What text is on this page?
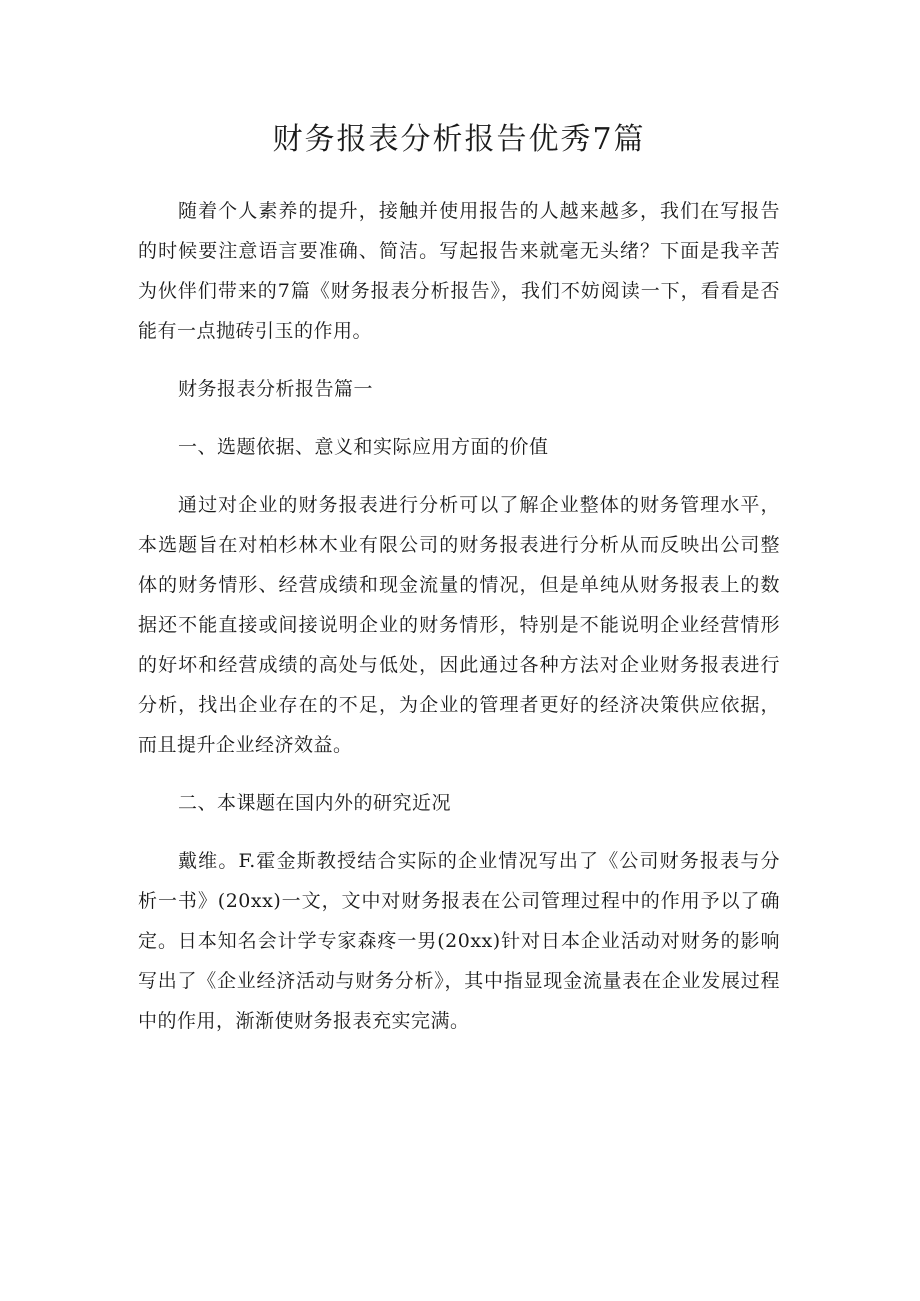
财务报表分析报告优秀7篇

随着个人素养的提升，接触并使用报告的人越来越多，我们在写报告的时候要注意语言要准确、简洁。写起报告来就毫无头绪？下面是我辛苦为伙伴们带来的7篇《财务报表分析报告》，我们不妨阅读一下，看看是否能有一点抛砖引玉的作用。

财务报表分析报告篇一

一、选题依据、意义和实际应用方面的价值

通过对企业的财务报表进行分析可以了解企业整体的财务管理水平，本选题旨在对柏杉林木业有限公司的财务报表进行分析从而反映出公司整体的财务情形、经营成绩和现金流量的情况，但是单纯从财务报表上的数据还不能直接或间接说明企业的财务情形，特别是不能说明企业经营情形的好坏和经营成绩的高处与低处，因此通过各种方法对企业财务报表进行分析，找出企业存在的不足，为企业的管理者更好的经济决策供应依据，而且提升企业经济效益。

二、本课题在国内外的研究近况

戴维。F.霍金斯教授结合实际的企业情况写出了《公司财务报表与分析一书》(20xx)一文，文中对财务报表在公司管理过程中的作用予以了确定。日本知名会计学专家森疼一男(20xx)针对日本企业活动对财务的影响写出了《企业经济活动与财务分析》，其中指显现金流量表在企业发展过程中的作用，渐渐使财务报表充实完满。
